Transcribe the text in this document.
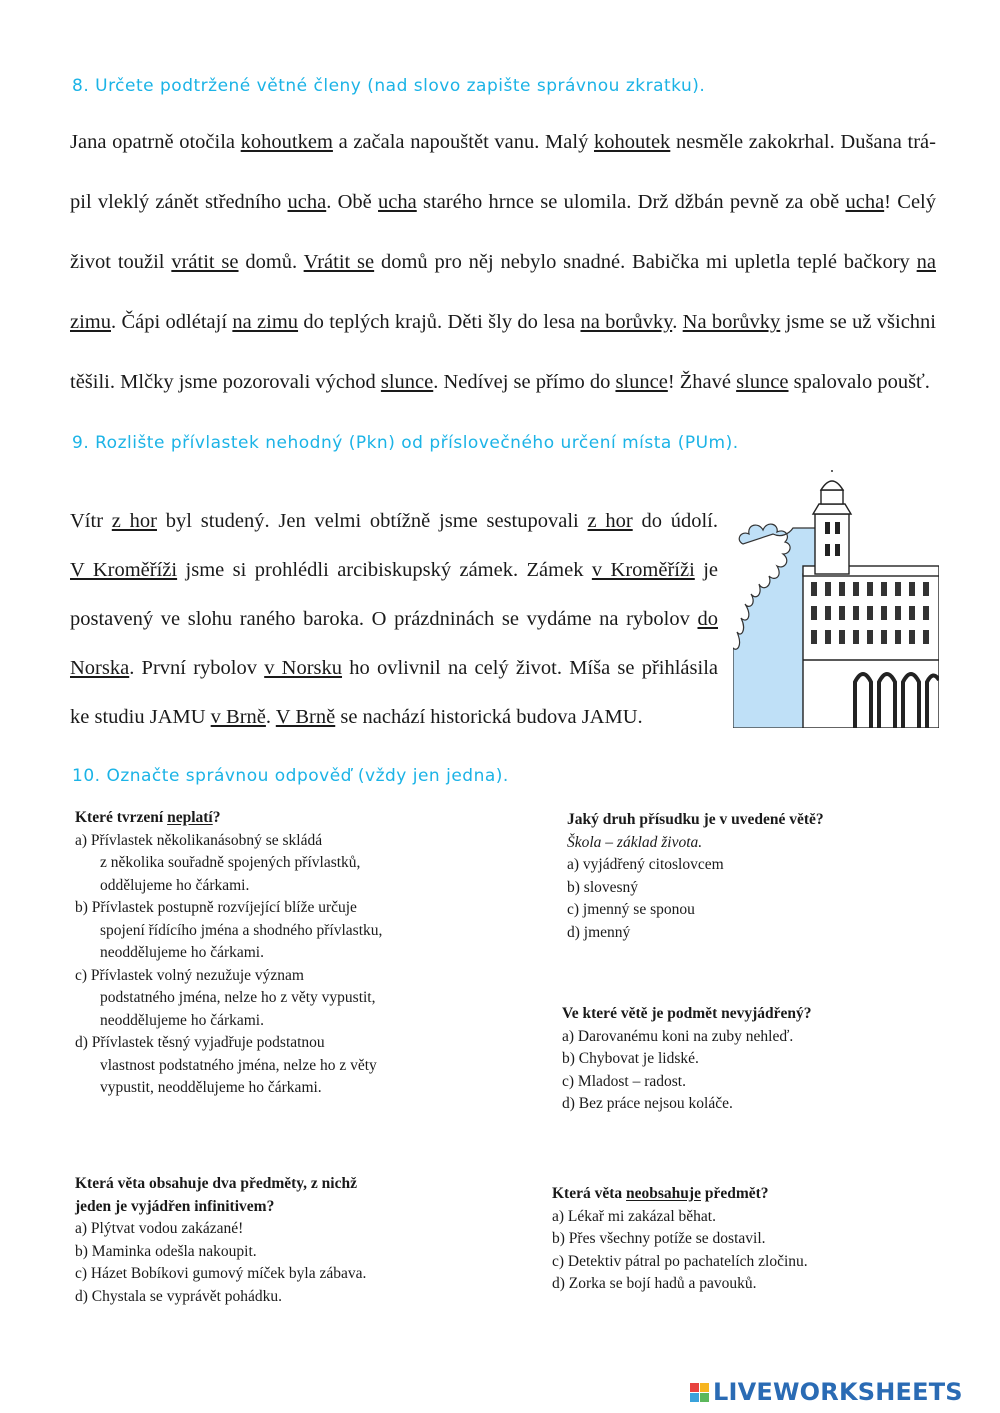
8. Určete podtržené větné členy (nad slovo zapište správnou zkratku).

Jana opatrně otočila kohoutkem a začala napouštět vanu. Malý kohoutek nesměle zakokrhal. Dušana trá-

pil vleklý zánět středního ucha. Obě ucha starého hrnce se ulomila. Drž džbán pevně za obě ucha! Celý

život toužil vrátit se domů. Vrátit se domů pro něj nebylo snadné. Babička mi upletla teplé bačkory na

zimu. Čápi odlétají na zimu do teplých krajů. Děti šly do lesa na borůvky. Na borůvky jsme se už všichni

těšili. Mlčky jsme pozorovali východ slunce. Nedívej se přímo do slunce! Žhavé slunce spalovalo poušť.

9. Rozlište přívlastek nehodný (Pkn) od příslovečného určení místa (PUm).

Vítr z hor byl studený. Jen velmi obtížně jsme sestupovali z hor do údolí.

V Kroměříži jsme si prohlédli arcibiskupský zámek. Zámek v Kroměříži je

postavený ve slohu raného baroka. O prázdninách se vydáme na rybolov do

Norska. První rybolov v Norsku ho ovlivnil na celý život. Míša se přihlásila

ke studiu JAMU v Brně. V Brně se nachází historická budova JAMU.

10. Označte správnou odpověď (vždy jen jedna).
Které tvrzení neplatí?
a) Přívlastek několikanásobný se skládá
z několika souřadně spojených přívlastků,
oddělujeme ho čárkami.
b) Přívlastek postupně rozvíjející blíže určuje
spojení řídícího jména a shodného přívlastku,
neoddělujeme ho čárkami.
c) Přívlastek volný nezužuje význam
podstatného jména, nelze ho z věty vypustit,
neoddělujeme ho čárkami.
d) Přívlastek těsný vyjadřuje podstatnou
vlastnost podstatného jména, nelze ho z věty
vypustit, neoddělujeme ho čárkami.
Jaký druh přísudku je v uvedené větě?
Škola – základ života.
a) vyjádřený citoslovcem
b) slovesný
c) jmenný se sponou
d) jmenný
Ve které větě je podmět nevyjádřený?
a) Darovanému koni na zuby nehleď.
b) Chybovat je lidské.
c) Mladost – radost.
d) Bez práce nejsou koláče.
Která věta obsahuje dva předměty, z nichž
jeden je vyjádřen infinitivem?
a) Plýtvat vodou zakázané!
b) Maminka odešla nakoupit.
c) Házet Bobíkovi gumový míček byla zábava.
d) Chystala se vyprávět pohádku.
Která věta neobsahuje předmět?
a) Lékař mi zakázal běhat.
b) Přes všechny potíže se dostavil.
c) Detektiv pátral po pachatelích zločinu.
d) Zorka se bojí hadů a pavouků.
LIVEWORKSHEETS
